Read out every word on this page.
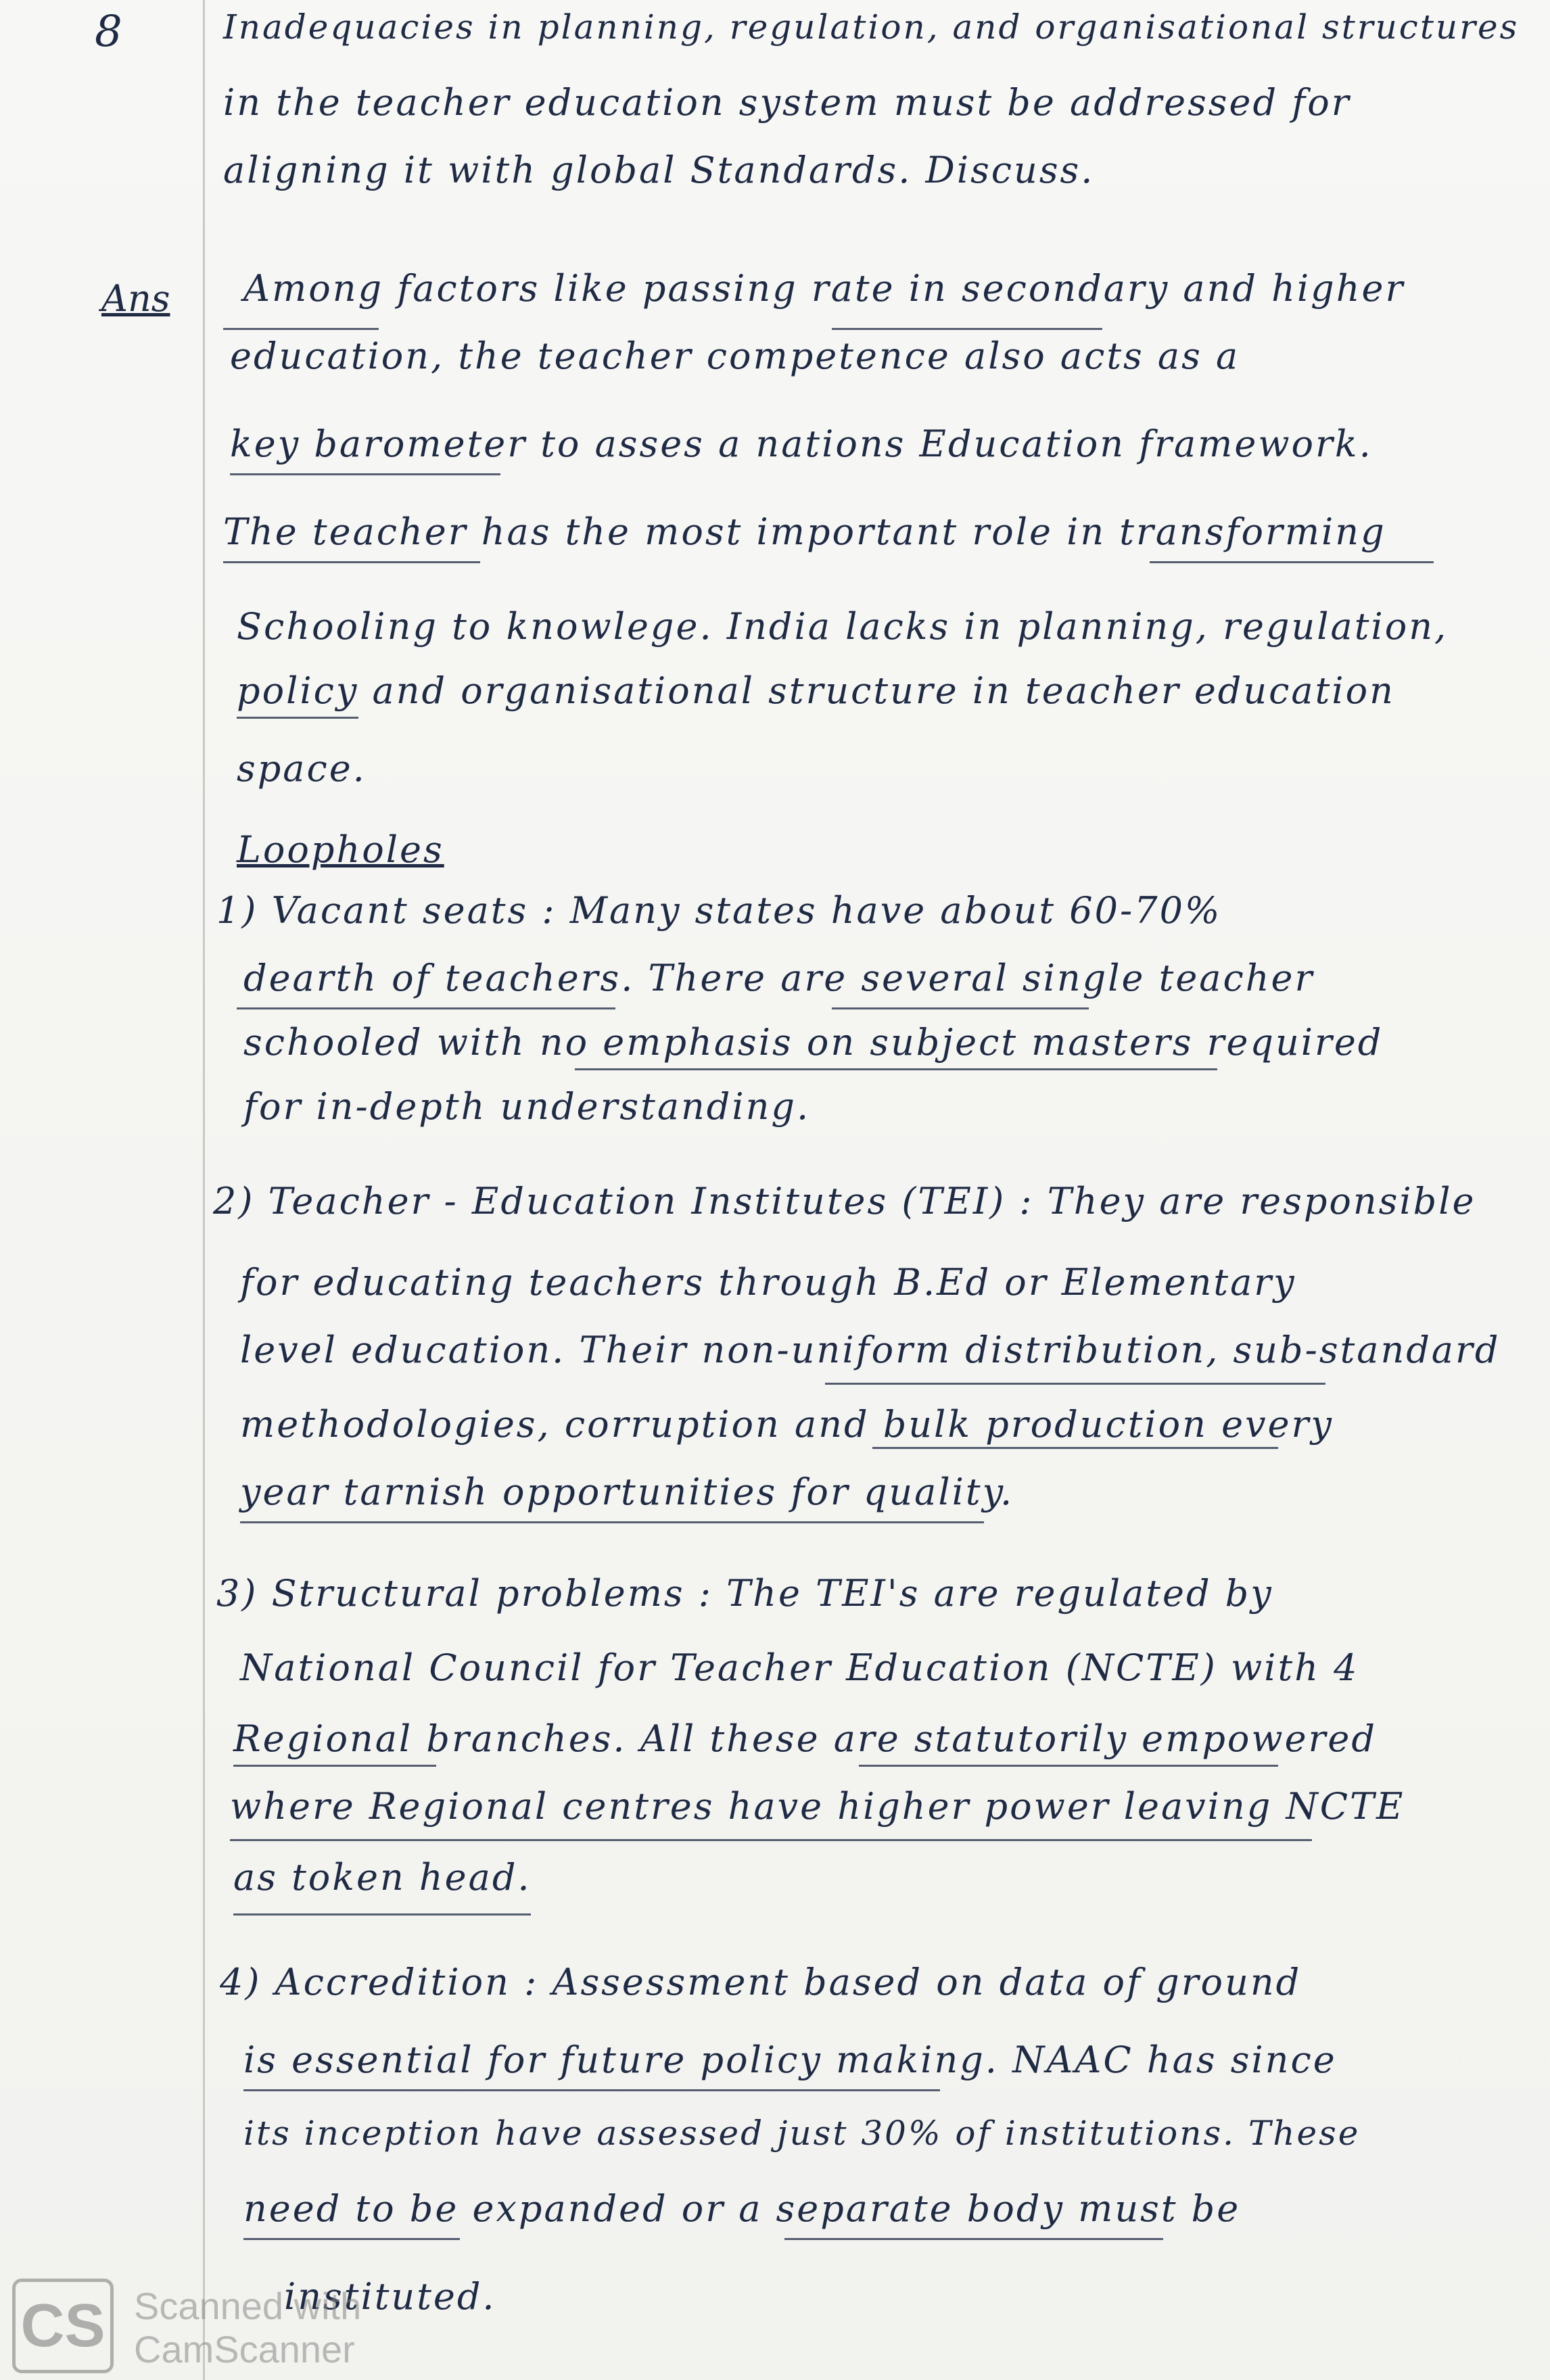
8	Inadequacies in planning, regulation, and organisational structures
in the teacher education system must be addressed for
aligning it with global Standards. Discuss.
Ans Among factors like passing rate in secondary and higher
education, the teacher competence also acts as a
key barometer to asses a nations Education framework.
The teacher has the most important role in transforming
Schooling to knowlege. India lacks in planning, regulation,
policy and organisational structure in teacher education
space.
Loopholes
1) Vacant seats : Many states have about 60-70%
dearth of teachers. There are several single teacher
schooled with no emphasis on subject masters required
for in-depth understanding.
2) Teacher - Education Institutes (TEI) : They are responsible
for educating teachers through B.Ed or Elementary
level education. Their non-uniform distribution, sub-standard
methodologies, corruption and bulk production every
year tarnish opportunities for quality.
3) Structural problems : The TEI's are regulated by
National Council for Teacher Education (NCTE) with 4
Regional branches. All these are statutorily empowered
where Regional centres have higher power leaving NCTE
as token head.
4) Accredition : Assessment based on data of ground
is essential for future policy making. NAAC has since
its inception have assessed just 30% of institutions. These
need to be expanded or a separate body must be
instituted.
CS Scanned with
CamScanner
